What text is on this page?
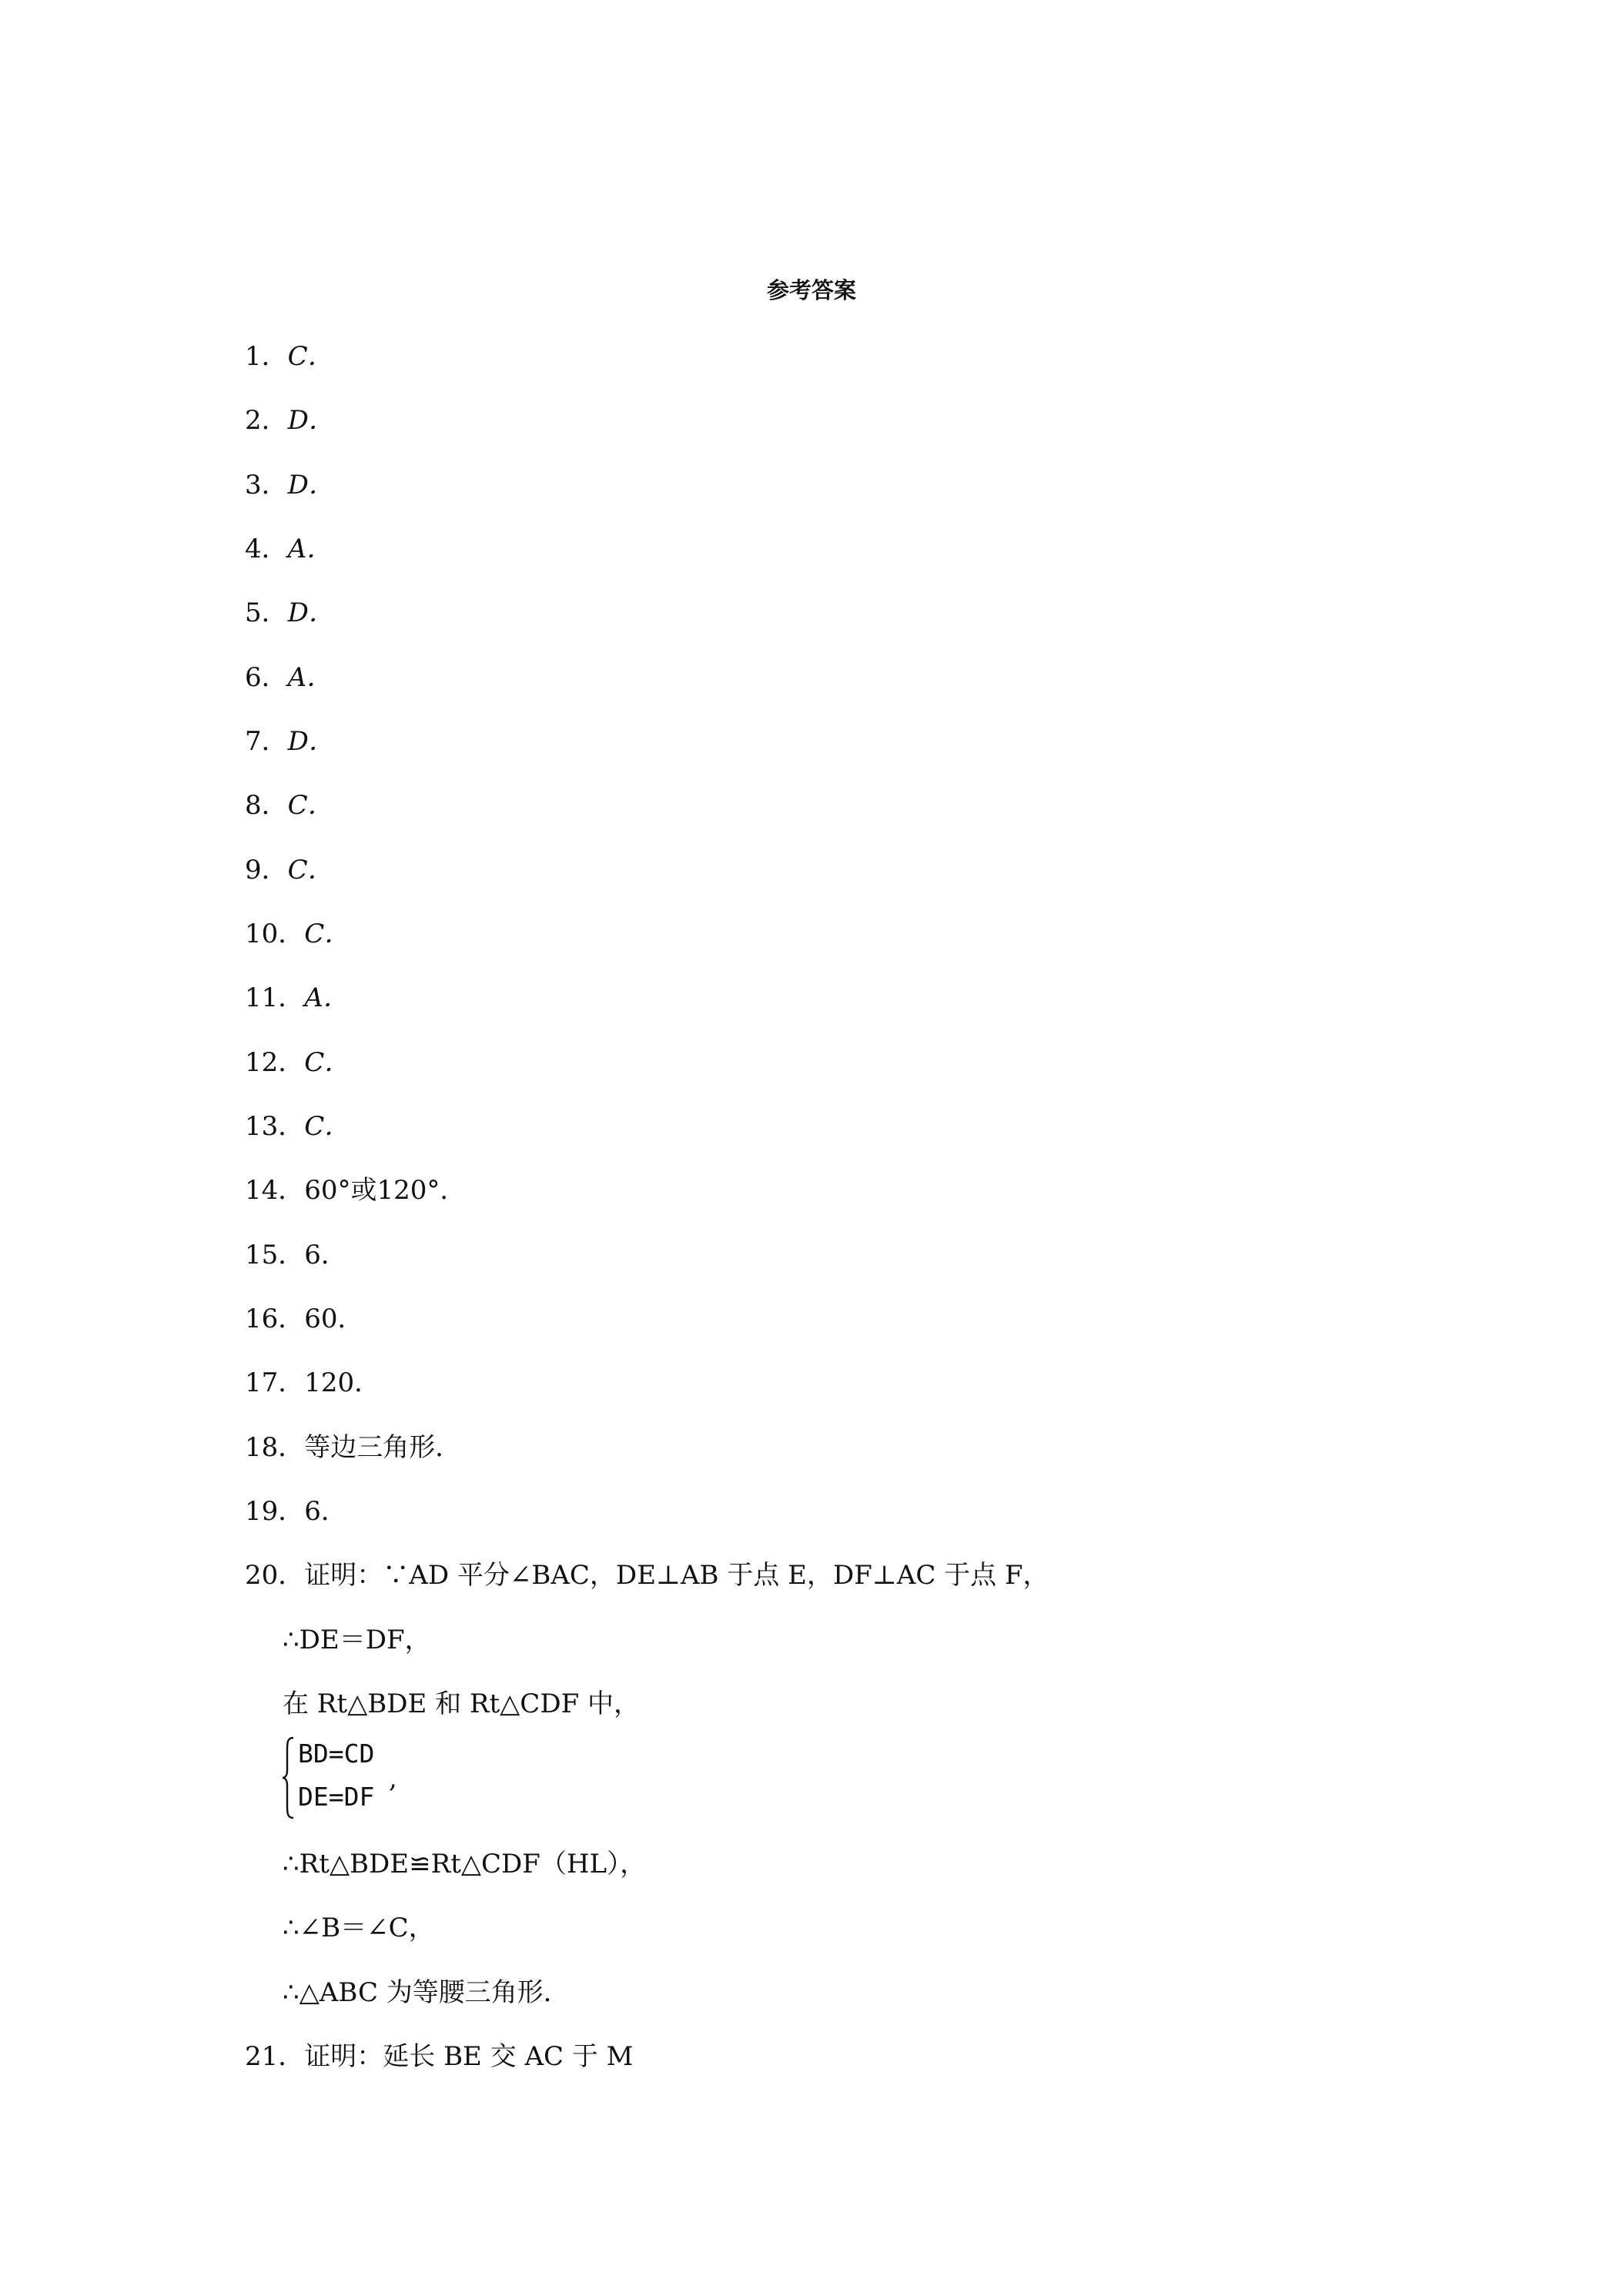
参考答案
1．C．
2．D．
3．D．
4．A．
5．D．
6．A．
7．D．
8．C．
9．C．
10．C．
11．A．
12．C．
13．C．
14．60°或120°．
15．6．
16．60．
17．120．
18．等边三角形．
19．6．
20．证明：∵AD 平分∠BAC，DE⊥AB 于点 E，DF⊥AC 于点 F，
∴DE＝DF，
在 Rt△BDE 和 Rt△CDF 中，
BD=CD
DE=DF
,
∴Rt△BDE≌Rt△CDF（HL），
∴∠B＝∠C，
∴△ABC 为等腰三角形．
21．证明：延长 BE 交 AC 于 M
